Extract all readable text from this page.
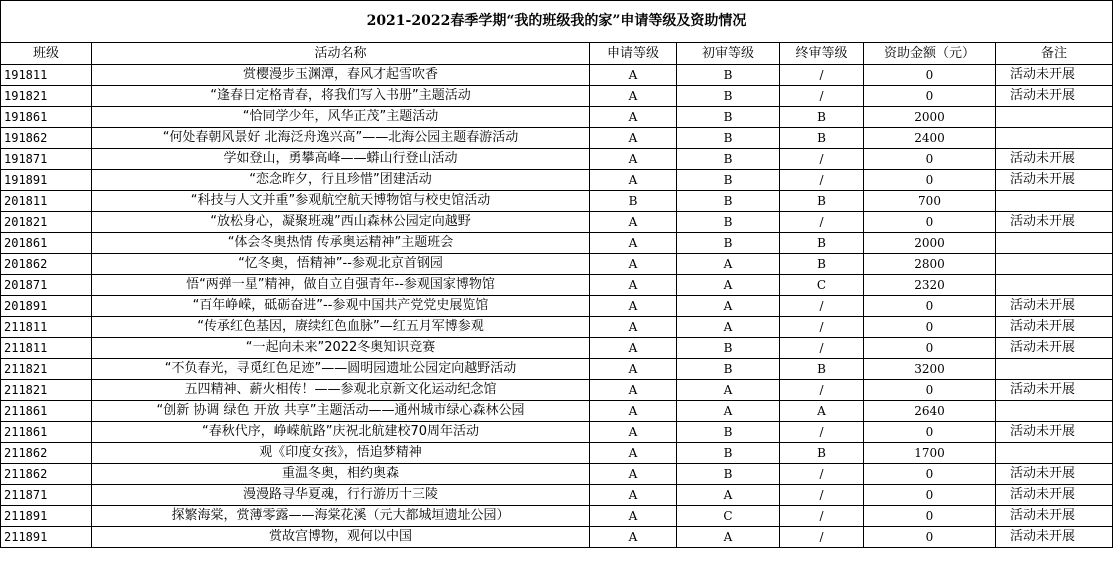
2021-2022春季学期“我的班级我的家”申请等级及资助情况						
班级	活动名称	申请等级	初审等级	终审等级	资助金额（元）	备注
191811	赏樱漫步玉渊潭，春风才起雪吹香	A	B	/	0	活动未开展
191821	“逢春日定格青春，将我们写入书册”主题活动	A	B	/	0	活动未开展
191861	“恰同学少年，风华正茂”主题活动	A	B	B	2000	
191862	“何处春朝风景好 北海泛舟逸兴高”——北海公园主题春游活动	A	B	B	2400	
191871	学如登山，勇攀高峰——蟒山行登山活动	A	B	/	0	活动未开展
191891	“恋念昨夕，行且珍惜”团建活动	A	B	/	0	活动未开展
201811	“科技与人文并重”参观航空航天博物馆与校史馆活动	B	B	B	700	
201821	“放松身心，凝聚班魂”西山森林公园定向越野	A	B	/	0	活动未开展
201861	“体会冬奥热情 传承奥运精神”主题班会	A	B	B	2000	
201862	“忆冬奥，悟精神”--参观北京首钢园	A	A	B	2800	
201871	悟“两弹一星”精神，做自立自强青年--参观国家博物馆	A	A	C	2320	
201891	“百年峥嵘，砥砺奋进”--参观中国共产党党史展览馆	A	A	/	0	活动未开展
211811	“传承红色基因，赓续红色血脉”—红五月军博参观	A	A	/	0	活动未开展
211811	“一起向未来”2022冬奥知识竞赛	A	B	/	0	活动未开展
211821	“不负春光，寻觅红色足迹”——圆明园遗址公园定向越野活动	A	B	B	3200	
211821	五四精神、薪火相传！——参观北京新文化运动纪念馆	A	A	/	0	活动未开展
211861	“创新 协调 绿色 开放 共享”主题活动——通州城市绿心森林公园	A	A	A	2640	
211861	“春秋代序，峥嵘航路”庆祝北航建校70周年活动	A	B	/	0	活动未开展
211862	观《印度女孩》，悟追梦精神	A	B	B	1700	
211862	重温冬奥，相约奥森	A	B	/	0	活动未开展
211871	漫漫路寻华夏魂，行行游历十三陵	A	A	/	0	活动未开展
211891	探繁海棠，赏薄零露——海棠花溪（元大都城垣遗址公园）	A	C	/	0	活动未开展
211891	赏故宫博物，观何以中国	A	A	/	0	活动未开展
